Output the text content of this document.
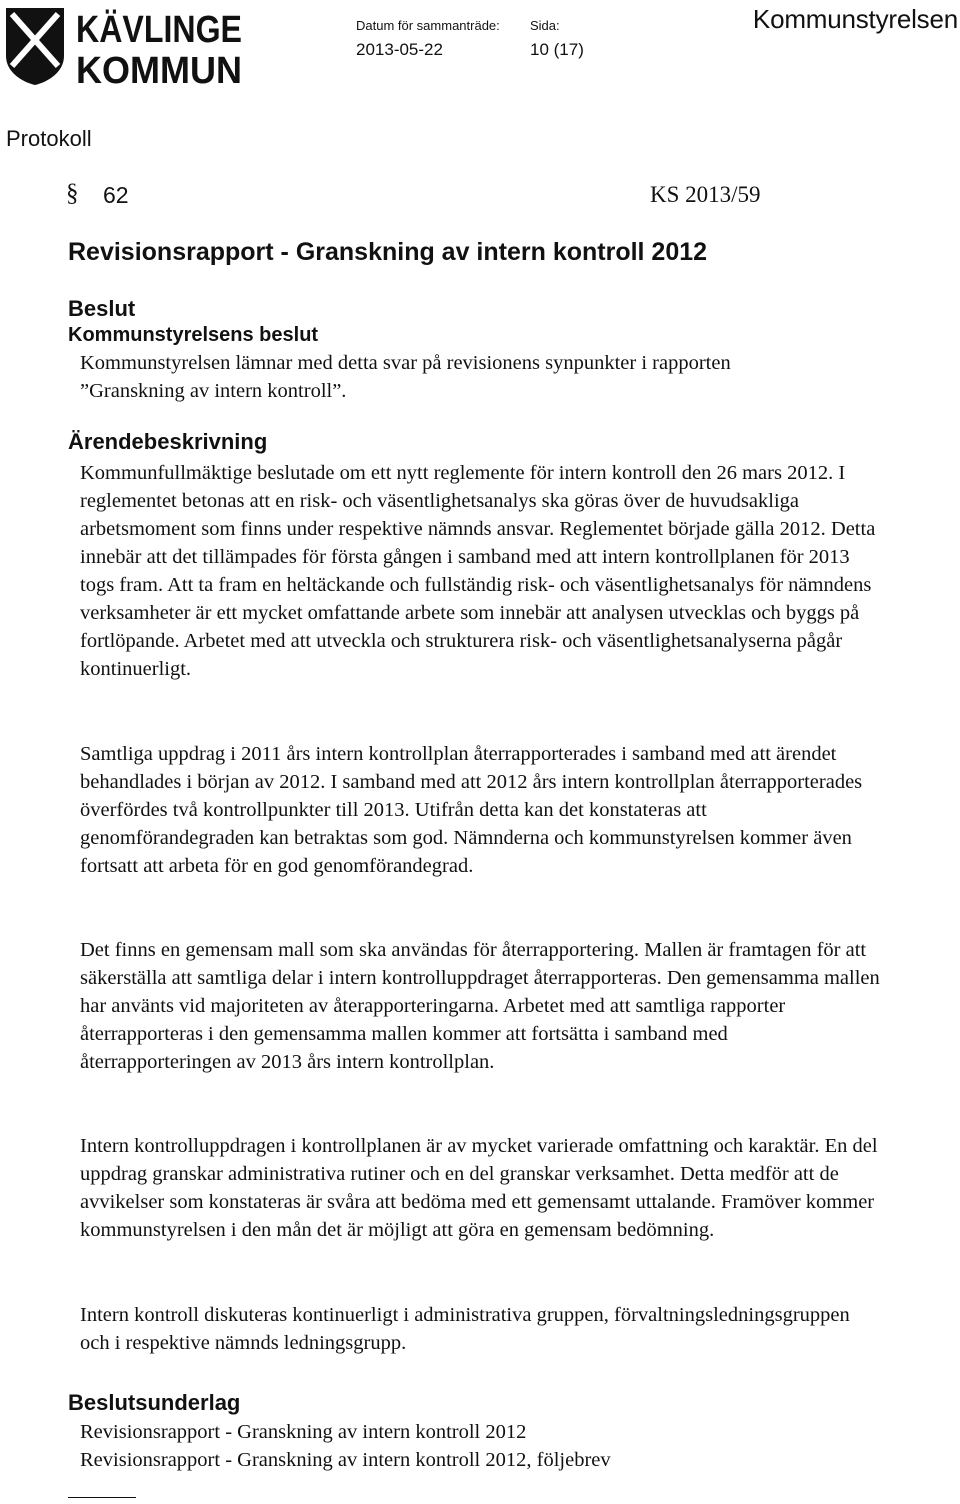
KÄVLINGE
KOMMUN
Datum för sammanträde:
2013-05-22
Sida:
10 (17)
Kommunstyrelsen
Protokoll
§ 62	KS 2013/59
Revisionsrapport - Granskning av intern kontroll 2012
Beslut
Kommunstyrelsens beslut

Kommunstyrelsen lämnar med detta svar på revisionens synpunkter i rapporten
”Granskning av intern kontroll”.

Ärendebeskrivning

Kommunfullmäktige beslutade om ett nytt reglemente för intern kontroll den 26 mars 2012. I reglementet betonas att en risk- och väsentlighetsanalys ska göras över de huvudsakliga arbetsmoment som finns under respektive nämnds ansvar. Reglementet började gälla 2012. Detta innebär att det tillämpades för första gången i samband med att intern kontrollplanen för 2013 togs fram. Att ta fram en heltäckande och fullständig risk- och väsentlighetsanalys för nämndens verksamheter är ett mycket omfattande arbete som innebär att analysen utvecklas och byggs på fortlöpande. Arbetet med att utveckla och strukturera risk- och väsentlighetsanalyserna pågår kontinuerligt.

Samtliga uppdrag i 2011 års intern kontrollplan återrapporterades i samband med att ärendet behandlades i början av 2012. I samband med att 2012 års intern kontrollplan återrapporterades överfördes två kontrollpunkter till 2013. Utifrån detta kan det konstateras att genomförandegraden kan betraktas som god. Nämnderna och kommunstyrelsen kommer även fortsatt att arbeta för en god genomförandegrad.

Det finns en gemensam mall som ska användas för återrapportering. Mallen är framtagen för att säkerställa att samtliga delar i intern kontrolluppdraget återrapporteras. Den gemensamma mallen har använts vid majoriteten av återapporteringarna. Arbetet med att samtliga rapporter återrapporteras i den gemensamma mallen kommer att fortsätta i samband med återrapporteringen av 2013 års intern kontrollplan.

Intern kontrolluppdragen i kontrollplanen är av mycket varierade omfattning och karaktär. En del uppdrag granskar administrativa rutiner och en del granskar verksamhet. Detta medför att de avvikelser som konstateras är svåra att bedöma med ett gemensamt uttalande. Framöver kommer kommunstyrelsen i den mån det är möjligt att göra en gemensam bedömning.

Intern kontroll diskuteras kontinuerligt i administrativa gruppen, förvaltningsledningsgruppen och i respektive nämnds ledningsgrupp.

Beslutsunderlag
Revisionsrapport - Granskning av intern kontroll 2012
Revisionsrapport - Granskning av intern kontroll 2012, följebrev
